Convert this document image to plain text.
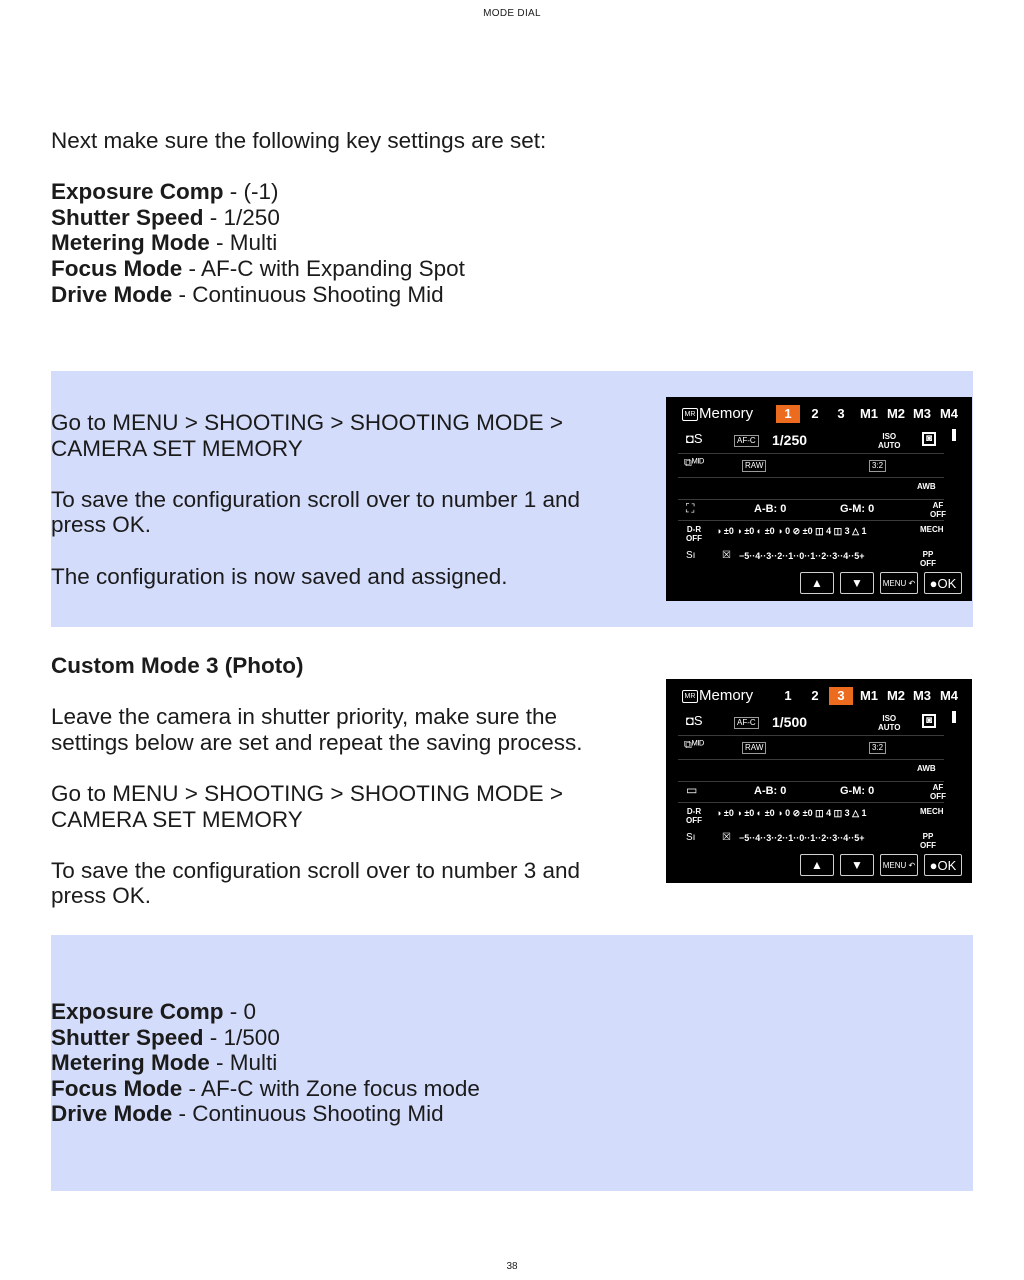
MODE DIAL

Next make sure the following key settings are set:

Exposure Comp - (-1)

Shutter Speed - 1/250

Metering Mode - Multi

Focus Mode - AF-C with Expanding Spot

Drive Mode - Continuous Shooting Mid

Go to MENU > SHOOTING > SHOOTING MODE >

CAMERA SET MEMORY

To save the configuration scroll over to number 1 and

press OK.

The configuration is now saved and assigned.

MR Memory	1	2	3	M1 M2 M3 M4
◘S	AF-C 1/250	ISO
AUTO
◙
⧉ᴹᴵᴰ	RAW	3:2
AWB
⛶	A-B: 0	G-M: 0	AF
OFF
D-R
OFF
◑ ±0 ◑ ±0 ◐ ±0 ◑ 0 ⊘ ±0 ◫ 4 ◫ 3 △ 1	MECH
Sı	☒ −5··4··3··2··1··0··1··2··3··4··5+	PP
OFF
▲	▼	MENU ↶	● OK

Custom Mode 3 (Photo)

Leave the camera in shutter priority, make sure the

settings below are set and repeat the saving process.

Go to MENU > SHOOTING > SHOOTING MODE >

CAMERA SET MEMORY

To save the configuration scroll over to number 3 and

press OK.

MR Memory	1	2	3	M1 M2 M3 M4
◘S	AF-C 1/500	ISO
AUTO
◙
⧉ᴹᴵᴰ	RAW	3:2
AWB
▭	A-B: 0	G-M: 0	AF
OFF
D-R
OFF
◑ ±0 ◑ ±0 ◐ ±0 ◑ 0 ⊘ ±0 ◫ 4 ◫ 3 △ 1	MECH
Sı	☒ −5··4··3··2··1··0··1··2··3··4··5+	PP
OFF
▲	▼	MENU ↶	● OK

Exposure Comp - 0

Shutter Speed - 1/500

Metering Mode - Multi

Focus Mode - AF-C with Zone focus mode

Drive Mode - Continuous Shooting Mid

38
